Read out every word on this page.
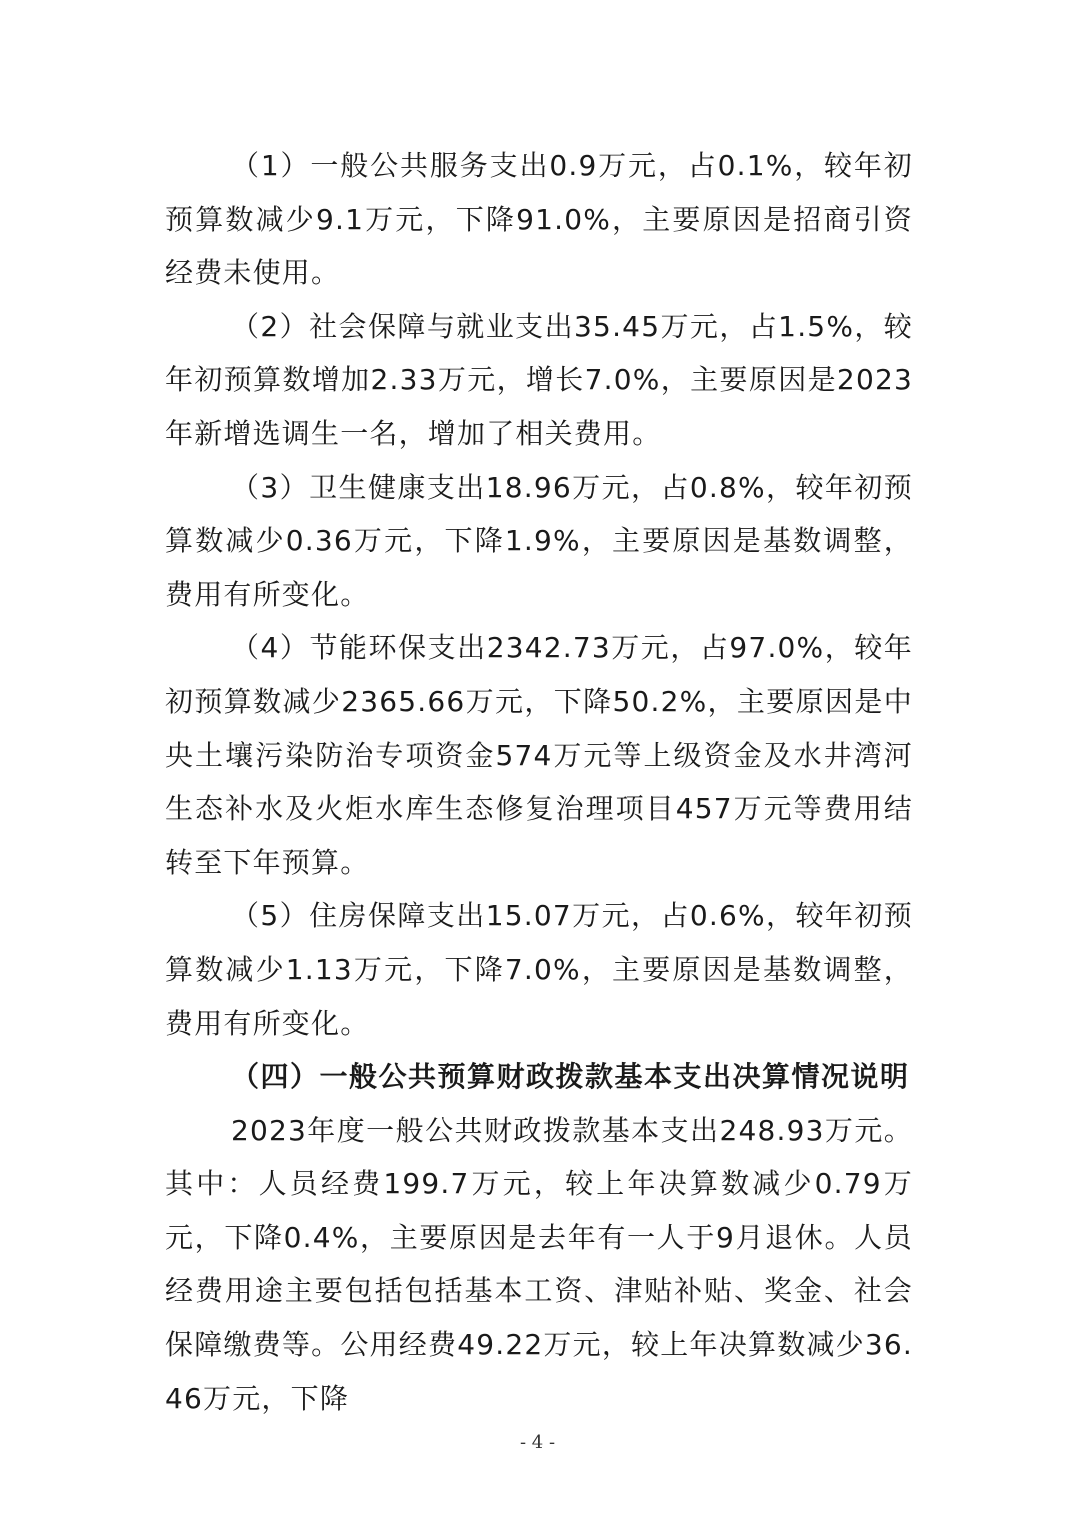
（1）一般公共服务支出0.9万元，占0.1%，较年初预算数减少9.1万元，下降91.0%，主要原因是招商引资经费未使用。

（2）社会保障与就业支出35.45万元，占1.5%，较年初预算数增加2.33万元，增长7.0%，主要原因是2023年新增选调生一名，增加了相关费用。

（3）卫生健康支出18.96万元，占0.8%，较年初预算数减少0.36万元，下降1.9%，主要原因是基数调整，费用有所变化。

（4）节能环保支出2342.73万元，占97.0%，较年初预算数减少2365.66万元，下降50.2%，主要原因是中央土壤污染防治专项资金574万元等上级资金及水井湾河生态补水及火炬水库生态修复治理项目457万元等费用结转至下年预算。

（5）住房保障支出15.07万元，占0.6%，较年初预算数减少1.13万元，下降7.0%，主要原因是基数调整，费用有所变化。

（四）一般公共预算财政拨款基本支出决算情况说明

2023年度一般公共财政拨款基本支出248.93万元。其中：人员经费199.7万元，较上年决算数减少0.79万元，下降0.4%，主要原因是去年有一人于9月退休。人员经费用途主要包括包括基本工资、津贴补贴、奖金、社会保障缴费等。公用经费49.22万元，较上年决算数减少36.46万元，下降

- 4 -
